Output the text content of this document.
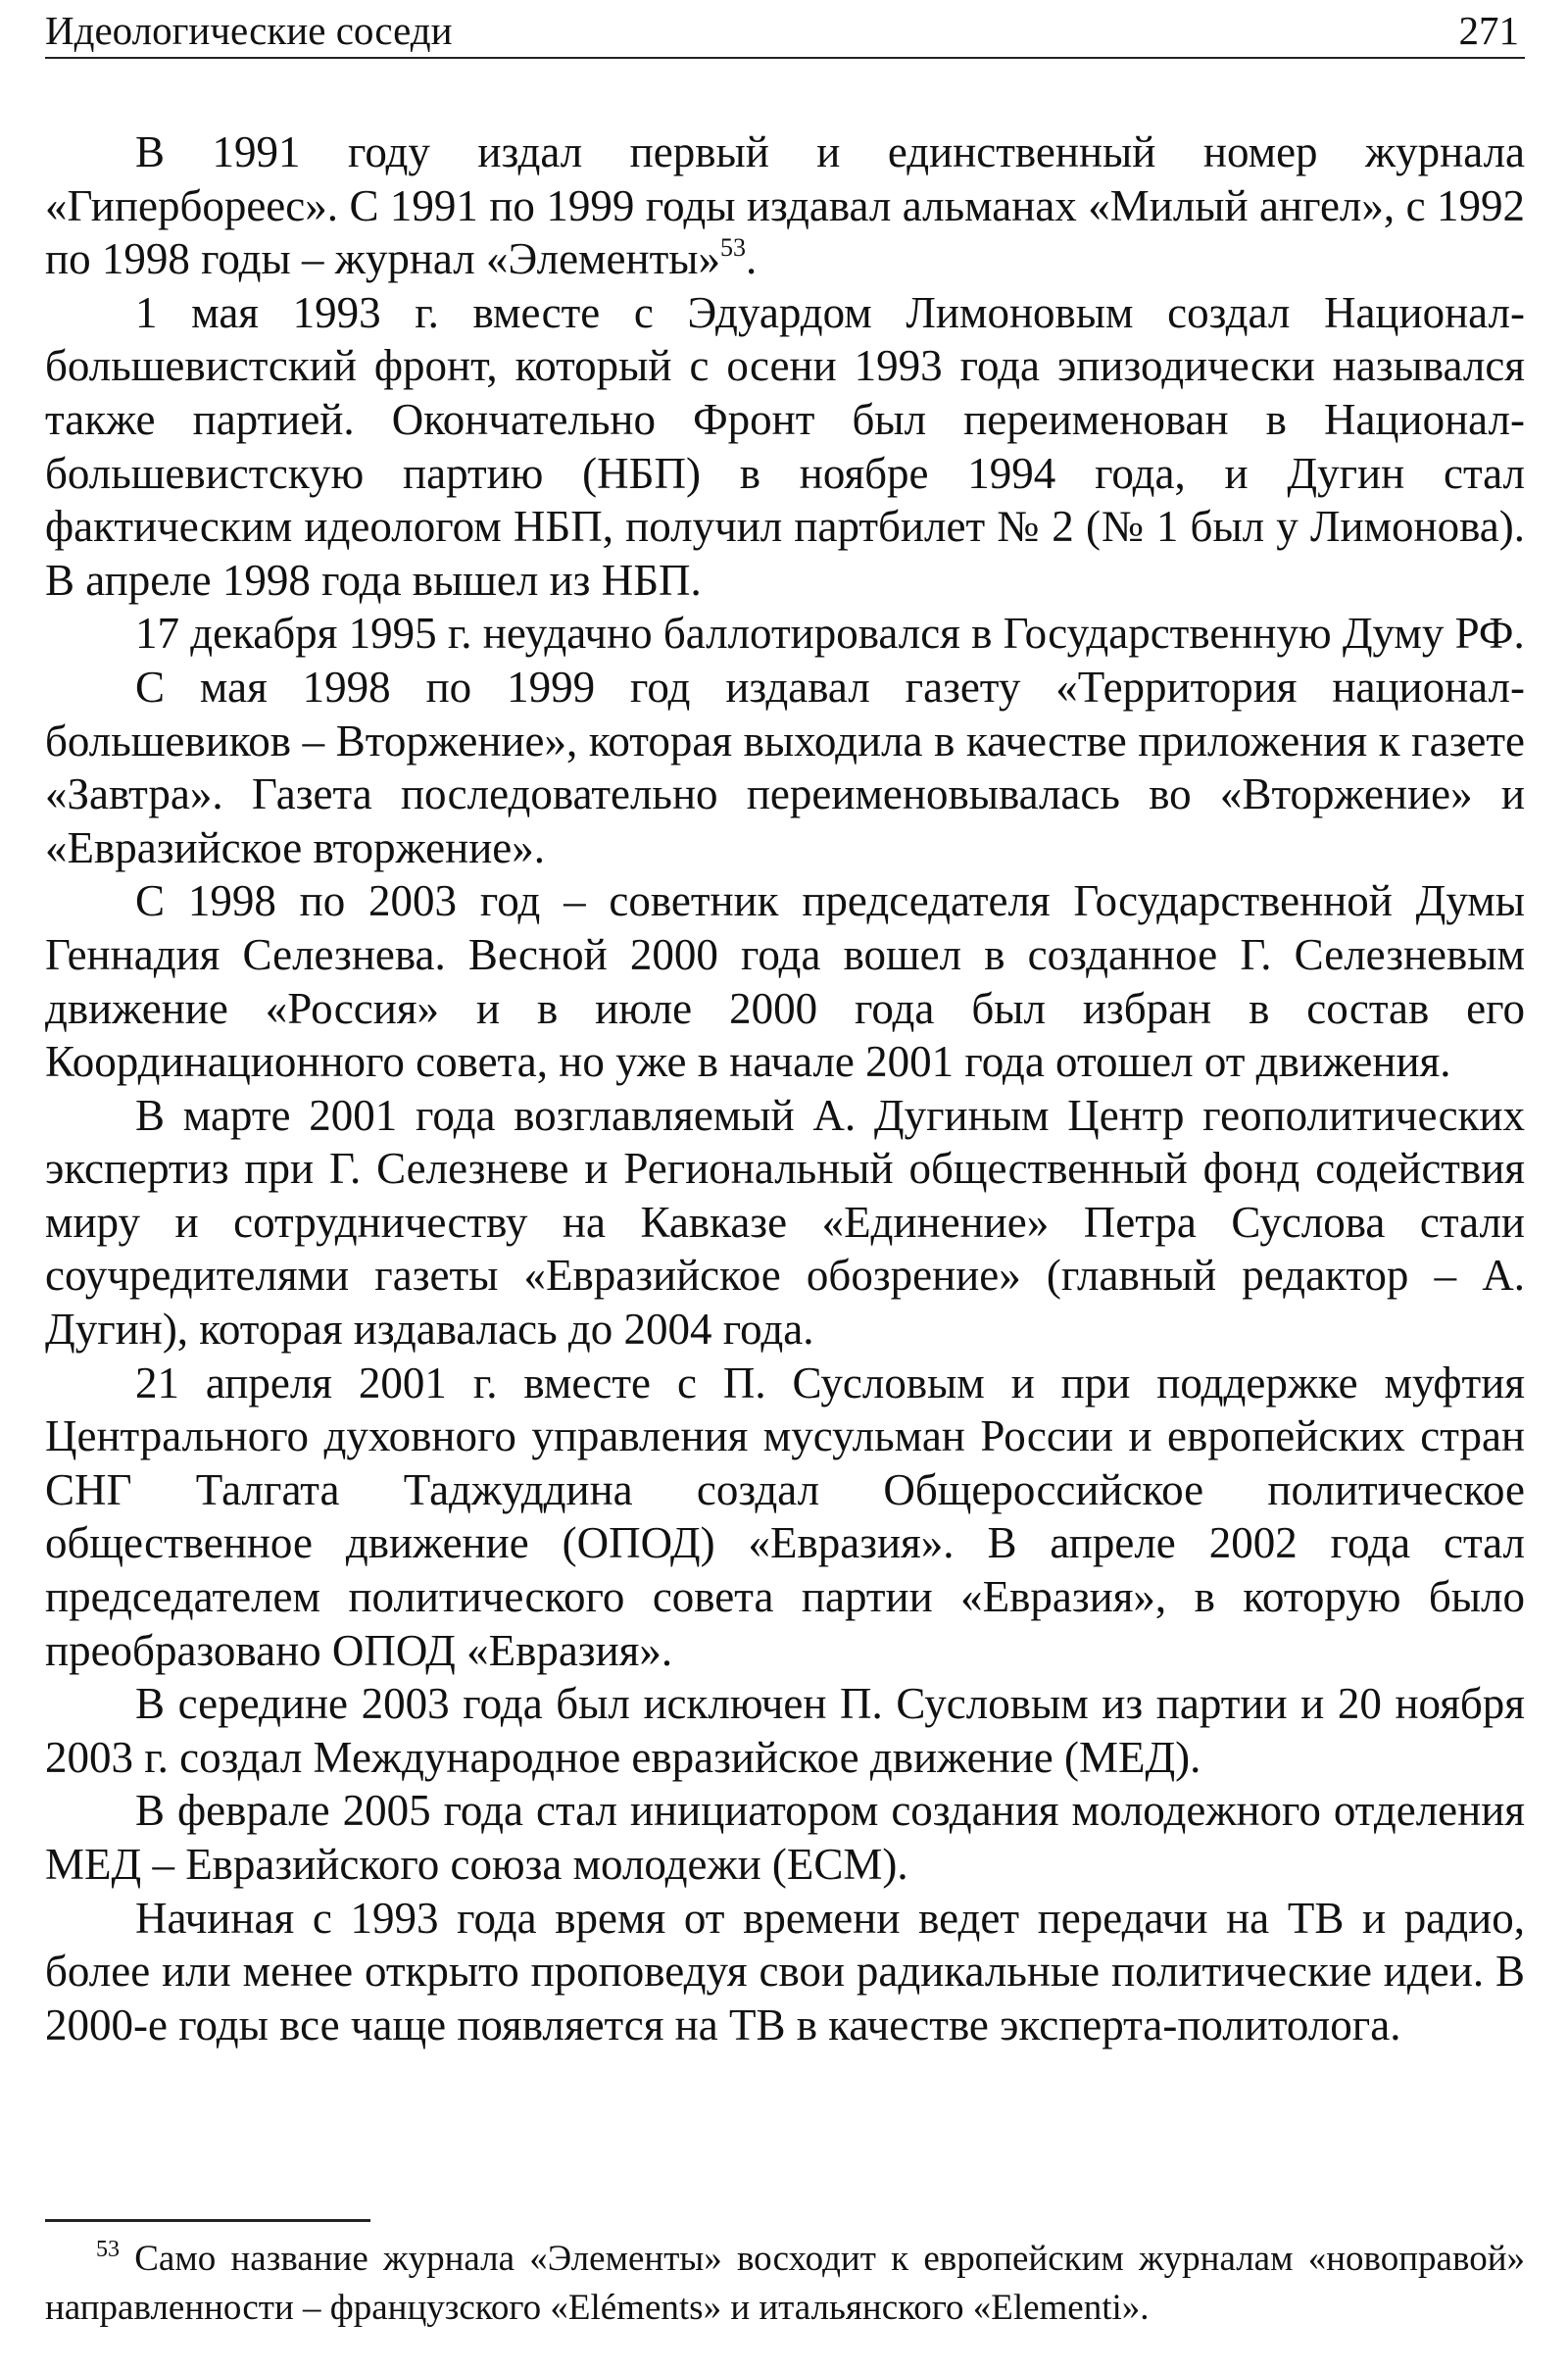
Идеологические соседи	271

В 1991 году издал первый и единственный номер журнала «Гиперборееc». С 1991 по 1999 годы издавал альманах «Милый ангел», с 1992 по 1998 годы – журнал «Элементы»$^{53}$.

1 мая 1993 г. вместе с Эдуардом Лимоновым создал Национал-большевистский фронт, который с осени 1993 года эпизодически назывался также партией. Окончательно Фронт был переименован в Национал-большевистскую партию (НБП) в ноябре 1994 года, и Дугин стал фактическим идеологом НБП, получил партбилет № 2 (№ 1 был у Лимонова). В апреле 1998 года вышел из НБП.

17 декабря 1995 г. неудачно баллотировался в Государственную Думу РФ.

С мая 1998 по 1999 год издавал газету «Территория национал-большевиков – Вторжение», которая выходила в качестве приложения к газете «Завтра». Газета последовательно переименовывалась во «Вторжение» и «Евразийское вторжение».

С 1998 по 2003 год – советник председателя Государственной Думы Геннадия Селезнева. Весной 2000 года вошел в созданное Г. Селезневым движение «Россия» и в июле 2000 года был избран в состав его Координационного совета, но уже в начале 2001 года отошел от движения.

В марте 2001 года возглавляемый А. Дугиным Центр геополитических экспертиз при Г. Селезневе и Региональный общественный фонд содействия миру и сотрудничеству на Кавказе «Единение» Петра Суслова стали соучредителями газеты «Евразийское обозрение» (главный редактор – А. Дугин), которая издавалась до 2004 года.

21 апреля 2001 г. вместе с П. Сусловым и при поддержке муфтия Центрального духовного управления мусульман России и европейских стран СНГ Талгата Таджуддина создал Общероссийское политическое общественное движение (ОПОД) «Евразия». В апреле 2002 года стал председателем политического совета партии «Евразия», в которую было преобразовано ОПОД «Евразия».

В середине 2003 года был исключен П. Сусловым из партии и 20 ноября 2003 г. создал Международное евразийское движение (МЕД).

В феврале 2005 года стал инициатором создания молодежного отделения МЕД – Евразийского союза молодежи (ЕСМ).

Начиная с 1993 года время от времени ведет передачи на ТВ и радио, более или менее открыто проповедуя свои радикальные политические идеи. В 2000-е годы все чаще появляется на ТВ в качестве эксперта-политолога.

$^{53}$ Само название журнала «Элементы» восходит к европейским журналам «новоправой» направленности – французского «Eléments» и итальянского «Elementi».
